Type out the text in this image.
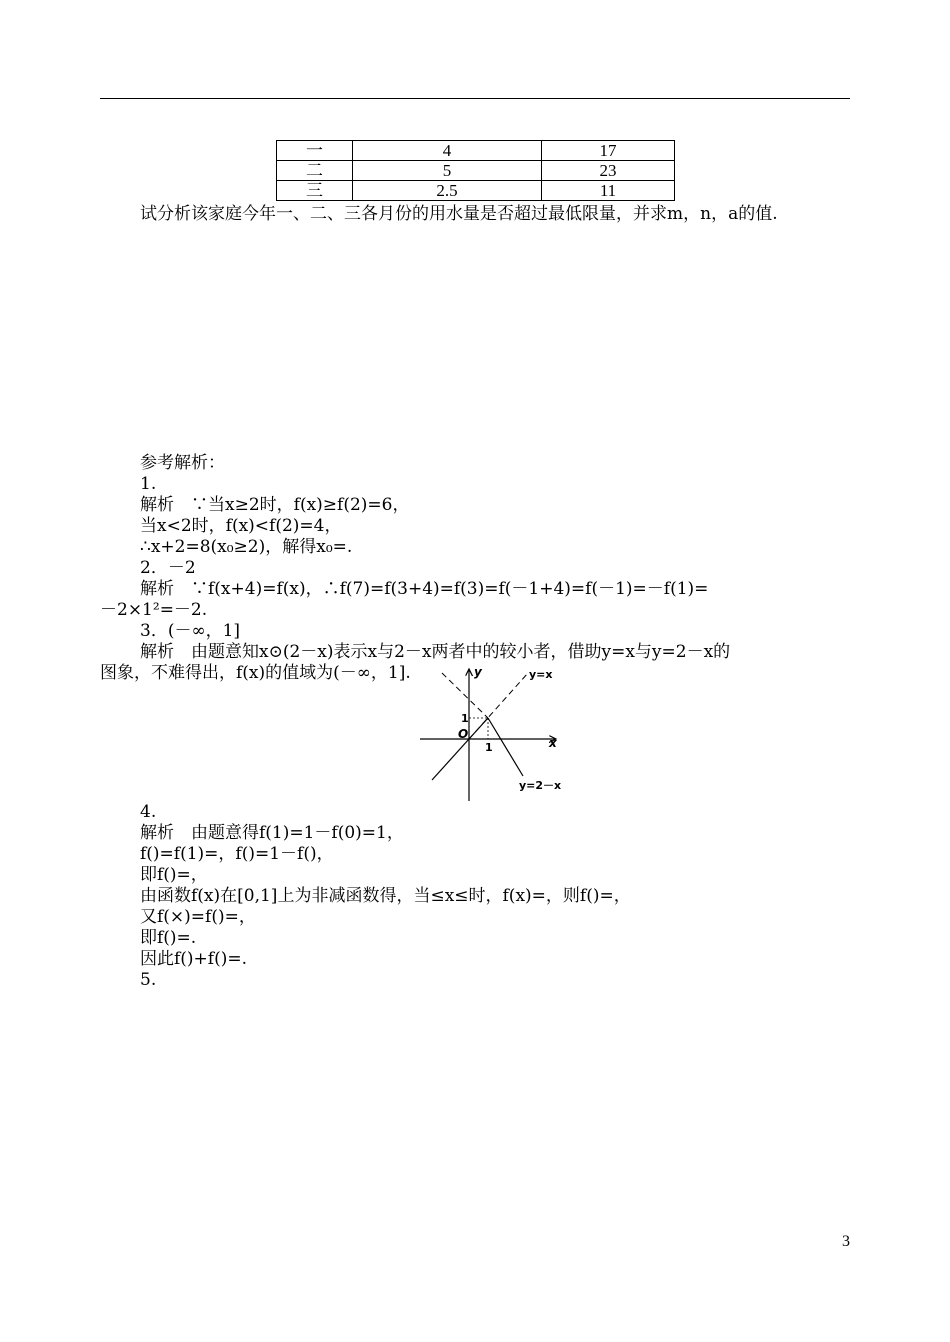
一	4	17
二	5	23
三	2.5	11
试分析该家庭今年一、二、三各月份的用水量是否超过最低限量，并求m，n，a的值.
参考解析：
1.
解析　∵当x≥2时，f(x)≥f(2)=6，
当x<2时，f(x)<f(2)=4，
∴x+2=8(x₀≥2)，解得x₀=.
2．－2
解析　∵f(x+4)=f(x)，∴f(7)=f(3+4)=f(3)=f(－1+4)=f(－1)=－f(1)=
－2×1²=－2.
3．(－∞，1]
解析　由题意知x⊙(2－x)表示x与2－x两者中的较小者，借助y=x与y=2－x的
图象，不难得出，f(x)的值域为(－∞，1].	y
x
O
1
1
y=x
y=2－x
4.
解析　由题意得f(1)=1－f(0)=1，
f()=f(1)=，f()=1－f()，
即f()=，
由函数f(x)在[0,1]上为非减函数得，当≤x≤时，f(x)=，则f()=，
又f(×)=f()=，
即f()=.
因此f()+f()=.
5.
3
